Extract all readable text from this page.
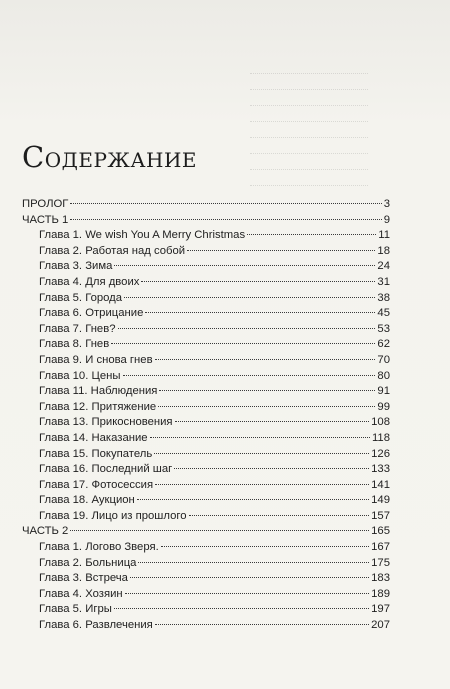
Содержание
ПРОЛОГ	3
ЧАСТЬ 1	9
Глава 1. We wish You A Merry Christmas	11
Глава 2. Работая над собой	18
Глава 3. Зима	24
Глава 4. Для двоих	31
Глава 5. Города	38
Глава 6. Отрицание	45
Глава 7. Гнев?	53
Глава 8. Гнев	62
Глава 9. И снова гнев	70
Глава 10. Цены	80
Глава 11. Наблюдения	91
Глава 12. Притяжение	99
Глава 13. Прикосновения	108
Глава 14. Наказание	118
Глава 15. Покупатель	126
Глава 16. Последний шаг	133
Глава 17. Фотосессия	141
Глава 18. Аукцион	149
Глава 19. Лицо из прошлого	157
ЧАСТЬ 2	165
Глава 1. Логово Зверя.	167
Глава 2. Больница	175
Глава 3. Встреча	183
Глава 4. Хозяин	189
Глава 5. Игры	197
Глава 6. Развлечения	207
